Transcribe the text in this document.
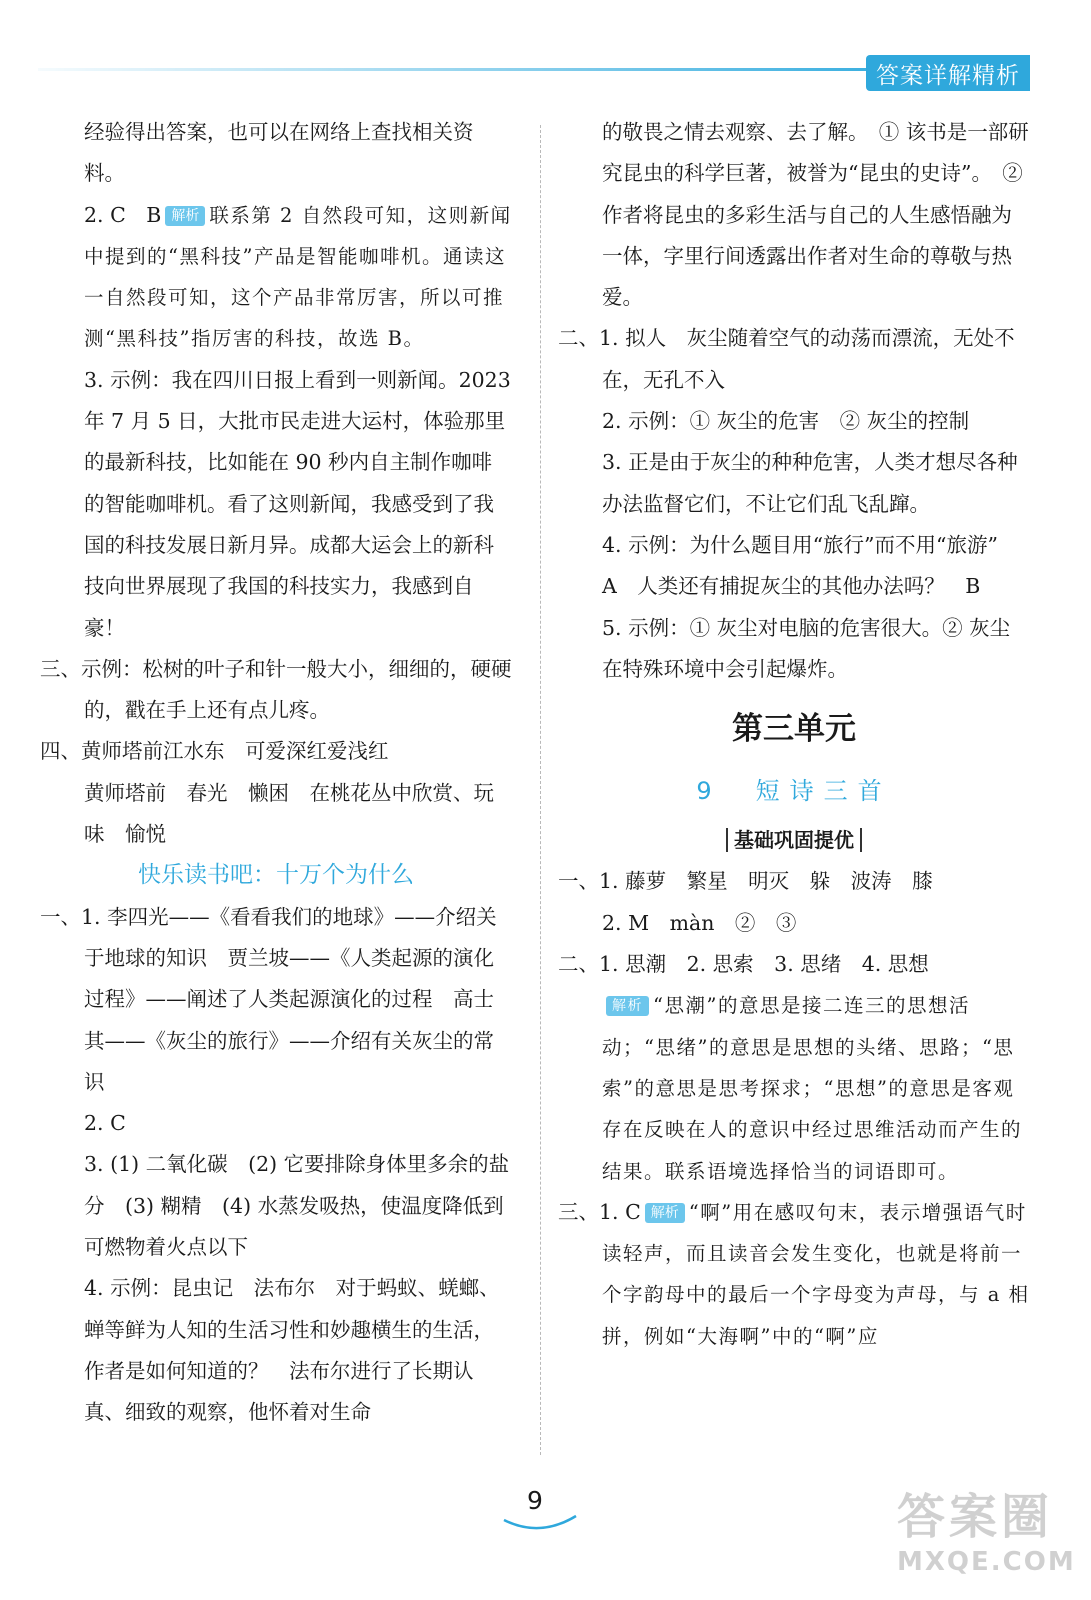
答案详解精析

经验得出答案，也可以在网络上查找相关资料。

2. C　B 解析 联系第 2 自然段可知，这则新闻中提到的“黑科技”产品是智能咖啡机。通读这一自然段可知，这个产品非常厉害，所以可推测“黑科技”指厉害的科技，故选 B。

3. 示例：我在四川日报上看到一则新闻。2023 年 7 月 5 日，大批市民走进大运村，体验那里的最新科技，比如能在 90 秒内自主制作咖啡的智能咖啡机。看了这则新闻，我感受到了我国的科技发展日新月异。成都大运会上的新科技向世界展现了我国的科技实力，我感到自豪！

三、示例：松树的叶子和针一般大小，细细的，硬硬的，戳在手上还有点儿疼。

四、黄师塔前江水东　可爱深红爱浅红

黄师塔前　春光　懒困　在桃花丛中欣赏、玩味　愉悦

快乐读书吧：十万个为什么

一、1. 李四光——《看看我们的地球》——介绍关于地球的知识　贾兰坡——《人类起源的演化过程》——阐述了人类起源演化的过程　高士其——《灰尘的旅行》——介绍有关灰尘的常识

2. C

3. (1) 二氧化碳　(2) 它要排除身体里多余的盐分　(3) 糊精　(4) 水蒸发吸热，使温度降低到可燃物着火点以下

4. 示例：昆虫记　法布尔　对于蚂蚁、蜣螂、蝉等鲜为人知的生活习性和妙趣横生的生活，作者是如何知道的？　法布尔进行了长期认真、细致的观察，他怀着对生命

的敬畏之情去观察、去了解。　① 该书是一部研究昆虫的科学巨著，被誉为“昆虫的史诗”。　② 作者将昆虫的多彩生活与自己的人生感悟融为一体，字里行间透露出作者对生命的尊敬与热爱。

二、1. 拟人　灰尘随着空气的动荡而漂流，无处不在，无孔不入

2. 示例：① 灰尘的危害　② 灰尘的控制

3. 正是由于灰尘的种种危害，人类才想尽各种办法监督它们，不让它们乱飞乱蹿。

4. 示例：为什么题目用“旅行”而不用“旅游”　A　人类还有捕捉灰尘的其他办法吗？　B

5. 示例：① 灰尘对电脑的危害很大。② 灰尘在特殊环境中会引起爆炸。

第三单元

9　短诗三首

基础巩固提优

一、1. 藤萝　繁星　明灭　躲　波涛　膝

2. M　màn　②　③

二、1. 思潮　2. 思索　3. 思绪　4. 思想

解析 “思潮”的意思是接二连三的思想活动；“思绪”的意思是思想的头绪、思路；“思索”的意思是思考探求；“思想”的意思是客观存在反映在人的意识中经过思维活动而产生的结果。联系语境选择恰当的词语即可。

三、1. C 解析 “啊”用在感叹句末，表示增强语气时读轻声，而且读音会发生变化，也就是将前一个字韵母中的最后一个字母变为声母，与 a 相拼，例如“大海啊”中的“啊”应

9	答案圈
MXQE.COM
